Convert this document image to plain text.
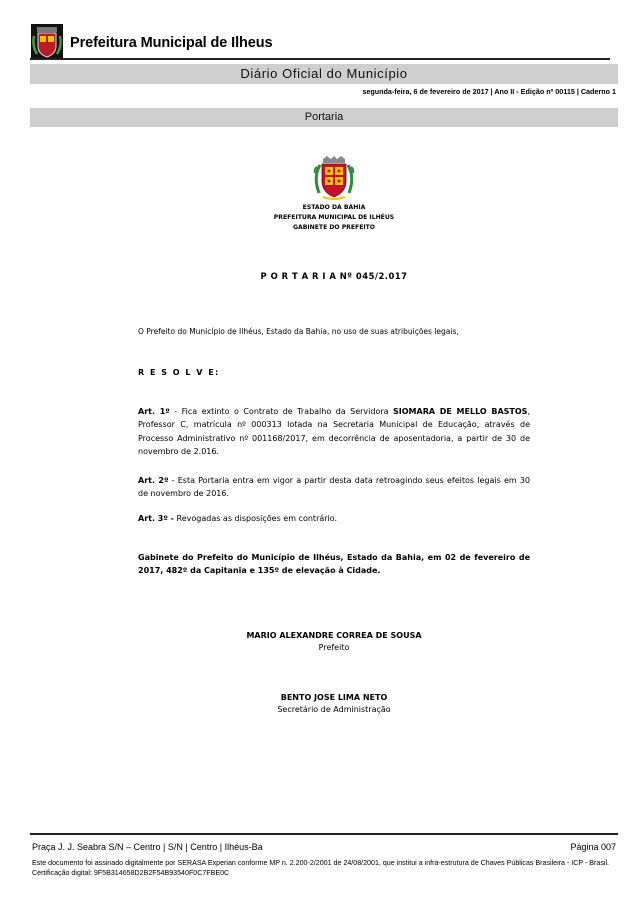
Prefeitura Municipal de Ilheus
Diário Oficial do Município
segunda-feira, 6 de fevereiro de 2017 | Ano II - Edição nº 00115 | Caderno 1
Portaria
ESTADO DA BAHIA
PREFEITURA MUNICIPAL DE ILHÉUS
GABINETE DO PREFEITO
P O R T A R I A Nº 045/2.017
O Prefeito do Município de Ilhéus, Estado da Bahia, no uso de suas atribuições legais,
R E S O L V E:
Art. 1º - Fica extinto o Contrato de Trabalho da Servidora SIOMARA DE MELLO BASTOS, Professor C, matrícula nº 000313 lotada na Secretaria Municipal de Educação, através de Processo Administrativo nº 001168/2017, em decorrência de aposentadoria, a partir de 30 de novembro de 2.016.
Art. 2º - Esta Portaria entra em vigor a partir desta data retroagindo seus efeitos legais em 30 de novembro de 2016.
Art. 3º - Revogadas as disposições em contrário.
Gabinete do Prefeito do Município de Ilhéus, Estado da Bahia, em 02 de fevereiro de 2017, 482º da Capitania e 135º de elevação à Cidade.
MARIO ALEXANDRE CORREA DE SOUSA
Prefeito
BENTO JOSE LIMA NETO
Secretário de Administração
Praça J. J. Seabra S/N – Centro | S/N | Centro | Ilhéus-Ba	Página 007
Este documento foi assinado digitalmente por SERASA Experian conforme MP n. 2.200-2/2001 de 24/08/2001, que institui a infra-estrutura de Chaves Públicas Brasileira - ICP - Brasil. Certificação digital: 9F5B314658D2B2F54B93540F0C7FBE0C
